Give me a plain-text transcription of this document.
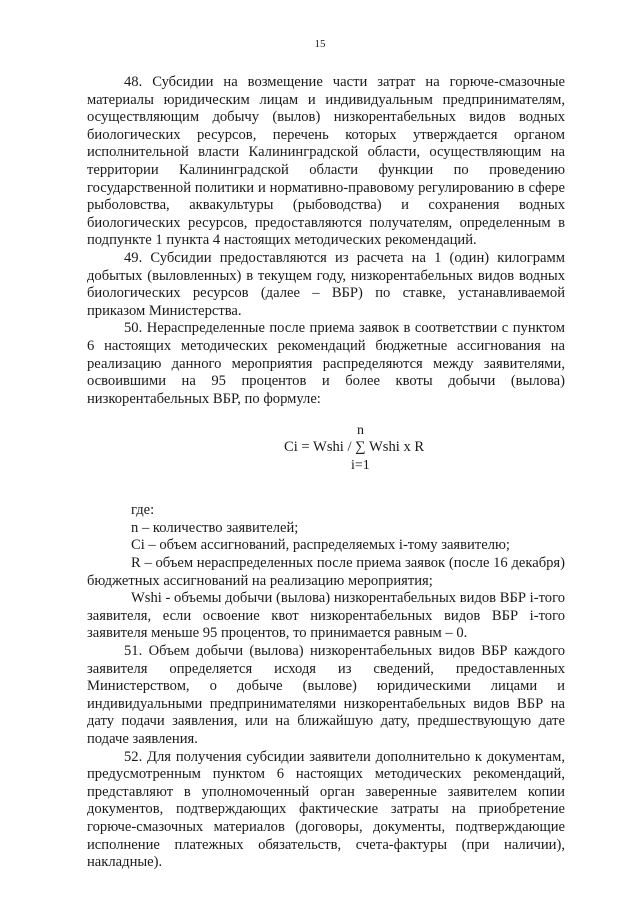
15

48. Субсидии на возмещение части затрат на горюче-смазочные материалы юридическим лицам и индивидуальным предпринимателям, осуществляющим добычу (вылов) низкорентабельных видов водных биологических ресурсов, перечень которых утверждается органом исполнительной власти Калининградской области, осуществляющим на территории Калининградской области функции по проведению государственной политики и нормативно-правовому регулированию в сфере рыболовства, аквакультуры (рыбоводства) и сохранения водных биологических ресурсов, предоставляются получателям, определенным в подпункте 1 пункта 4 настоящих методических рекомендаций.

49. Субсидии предоставляются из расчета на 1 (один) килограмм добытых (выловленных) в текущем году, низкорентабельных видов водных биологических ресурсов (далее – ВБР) по ставке, устанавливаемой приказом Министерства.

50. Нераспределенные после приема заявок в соответствии с пунктом 6 настоящих методических рекомендаций бюджетные ассигнования на реализацию данного мероприятия распределяются между заявителями, освоившими на 95 процентов и более квоты добычи (вылова) низкорентабельных ВБР, по формуле:

n
Ci = Wshi / ∑ Wshi x R
i=1

где:

n – количество заявителей;

Ci – объем ассигнований, распределяемых i-тому заявителю;

R – объем нераспределенных после приема заявок (после 16 декабря) бюджетных ассигнований на реализацию мероприятия;

Wshi - объемы добычи (вылова) низкорентабельных видов ВБР i-того заявителя, если освоение квот низкорентабельных видов ВБР i-того заявителя меньше 95 процентов, то принимается равным – 0.

51. Объем добычи (вылова) низкорентабельных видов ВБР каждого заявителя определяется исходя из сведений, предоставленных Министерством, о добыче (вылове) юридическими лицами и индивидуальными предпринимателями низкорентабельных видов ВБР на дату подачи заявления, или на ближайшую дату, предшествующую дате подаче заявления.

52. Для получения субсидии заявители дополнительно к документам, предусмотренным пунктом 6 настоящих методических рекомендаций, представляют в уполномоченный орган заверенные заявителем копии документов, подтверждающих фактические затраты на приобретение горюче-смазочных материалов (договоры, документы, подтверждающие исполнение платежных обязательств, счета-фактуры (при наличии), накладные).
